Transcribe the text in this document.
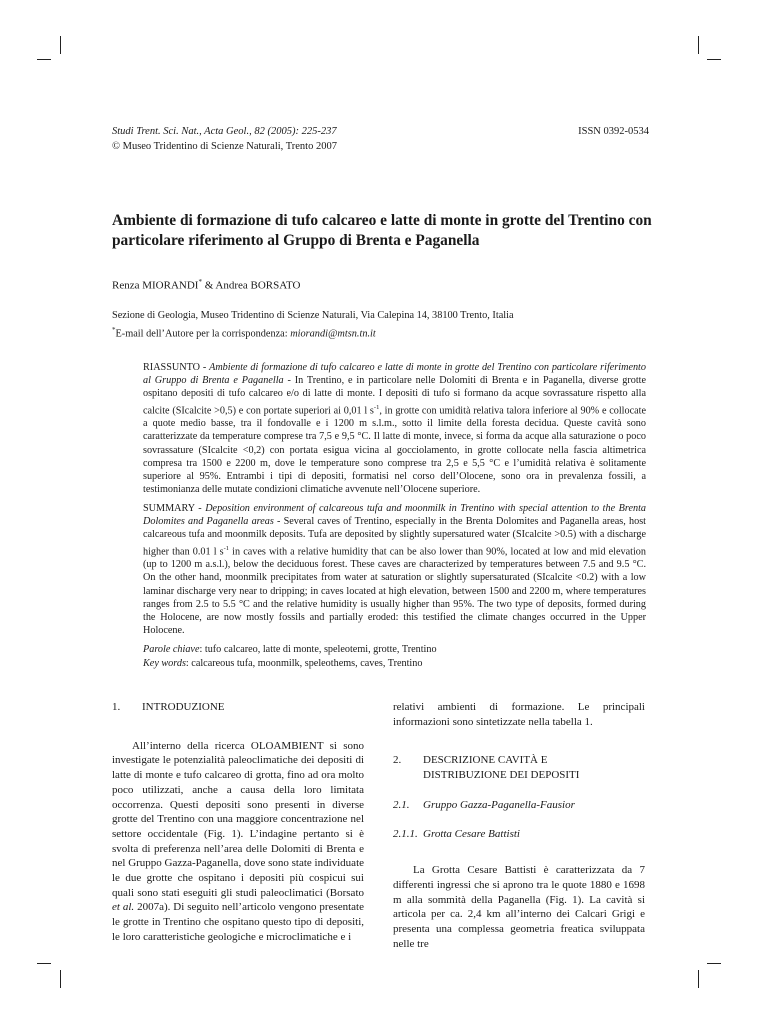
Studi Trent. Sci. Nat., Acta Geol., 82 (2005): 225-237
© Museo Tridentino di Scienze Naturali, Trento 2007
ISSN 0392-0534
Ambiente di formazione di tufo calcareo e latte di monte in grotte del Trentino con particolare riferimento al Gruppo di Brenta e Paganella
Renza MIORANDI* & Andrea BORSATO
Sezione di Geologia, Museo Tridentino di Scienze Naturali, Via Calepina 14, 38100 Trento, Italia
*E-mail dell’Autore per la corrispondenza: miorandi@mtsn.tn.it

RIASSUNTO - Ambiente di formazione di tufo calcareo e latte di monte in grotte del Trentino con particolare riferimento al Gruppo di Brenta e Paganella - In Trentino, e in particolare nelle Dolomiti di Brenta e in Paganella, diverse grotte ospitano depositi di tufo calcareo e/o di latte di monte. I depositi di tufo si formano da acque sovrassature rispetto alla calcite (SIcalcite >0,5) e con portate superiori ai 0,01 l $s^{-1}$, in grotte con umidità relativa talora inferiore al 90% e collocate a quote medio basse, tra il fondovalle e i 1200 m s.l.m., sotto il limite della foresta decidua. Queste cavità sono caratterizzate da temperature comprese tra 7,5 e 9,5 °C. Il latte di monte, invece, si forma da acque alla saturazione o poco sovrassature (SIcalcite <0,2) con portata esigua vicina al gocciolamento, in grotte collocate nella fascia altimetrica compresa tra 1500 e 2200 m, dove le temperature sono comprese tra 2,5 e 5,5 °C e l’umidità relativa è solitamente superiore al 95%. Entrambi i tipi di depositi, formatisi nel corso dell’Olocene, sono ora in prevalenza fossili, a testimonianza delle mutate condizioni climatiche avvenute nell’Olocene superiore.

SUMMARY - Deposition environment of calcareous tufa and moonmilk in Trentino with special attention to the Brenta Dolomites and Paganella areas - Several caves of Trentino, especially in the Brenta Dolomites and Paganella areas, host calcareous tufa and moonmilk deposits. Tufa are deposited by slightly supersatured water (SIcalcite >0.5) with a discharge higher than 0.01 l $s^{-1}$ in caves with a relative humidity that can be also lower than 90%, located at low and mid elevation (up to 1200 m a.s.l.), below the deciduous forest. These caves are characterized by temperatures between 7.5 and 9.5 °C. On the other hand, moonmilk precipitates from water at saturation or slightly supersaturated (SIcalcite <0.2) with a low laminar discharge very near to dripping; in caves located at high elevation, between 1500 and 2200 m, where temperatures ranges from 2.5 to 5.5 °C and the relative humidity is usually higher than 95%. The two type of deposits, formed during the Holocene, are now mostly fossils and partially eroded: this testified the climate changes occurred in the Upper Holocene.

Parole chiave: tufo calcareo, latte di monte, speleotemi, grotte, Trentino
Key words: calcareous tufa, moonmilk, speleothems, caves, Trentino
1.	INTRODUZIONE

All’interno della ricerca OLOAMBIENT si sono investigate le potenzialità paleoclimatiche dei depositi di latte di monte e tufo calcareo di grotta, fino ad ora molto poco utilizzati, anche a causa della loro limitata occorrenza. Questi depositi sono presenti in diverse grotte del Trentino con una maggiore concentrazione nel settore occidentale (Fig. 1). L’indagine pertanto si è svolta di preferenza nell’area delle Dolomiti di Brenta e nel Gruppo Gazza-Paganella, dove sono state individuate le due grotte che ospitano i depositi più cospicui sui quali sono stati eseguiti gli studi paleoclimatici (Borsato et al. 2007a). Di seguito nell’articolo vengono presentate le grotte in Trentino che ospitano questo tipo di depositi, le loro caratteristiche geologiche e microclimatiche e i

relativi ambienti di formazione. Le principali informazioni sono sintetizzate nella tabella 1.

2.	DESCRIZIONE CAVITÀ E
DISTRIBUZIONE DEI DEPOSITI
2.1.	Gruppo Gazza-Paganella-Fausior
2.1.1. Grotta Cesare Battisti

La Grotta Cesare Battisti è caratterizzata da 7 differenti ingressi che si aprono tra le quote 1880 e 1698 m alla sommità della Paganella (Fig. 1). La cavità si articola per ca. 2,4 km all’interno dei Calcari Grigi e presenta una complessa geometria freatica sviluppata nelle tre
